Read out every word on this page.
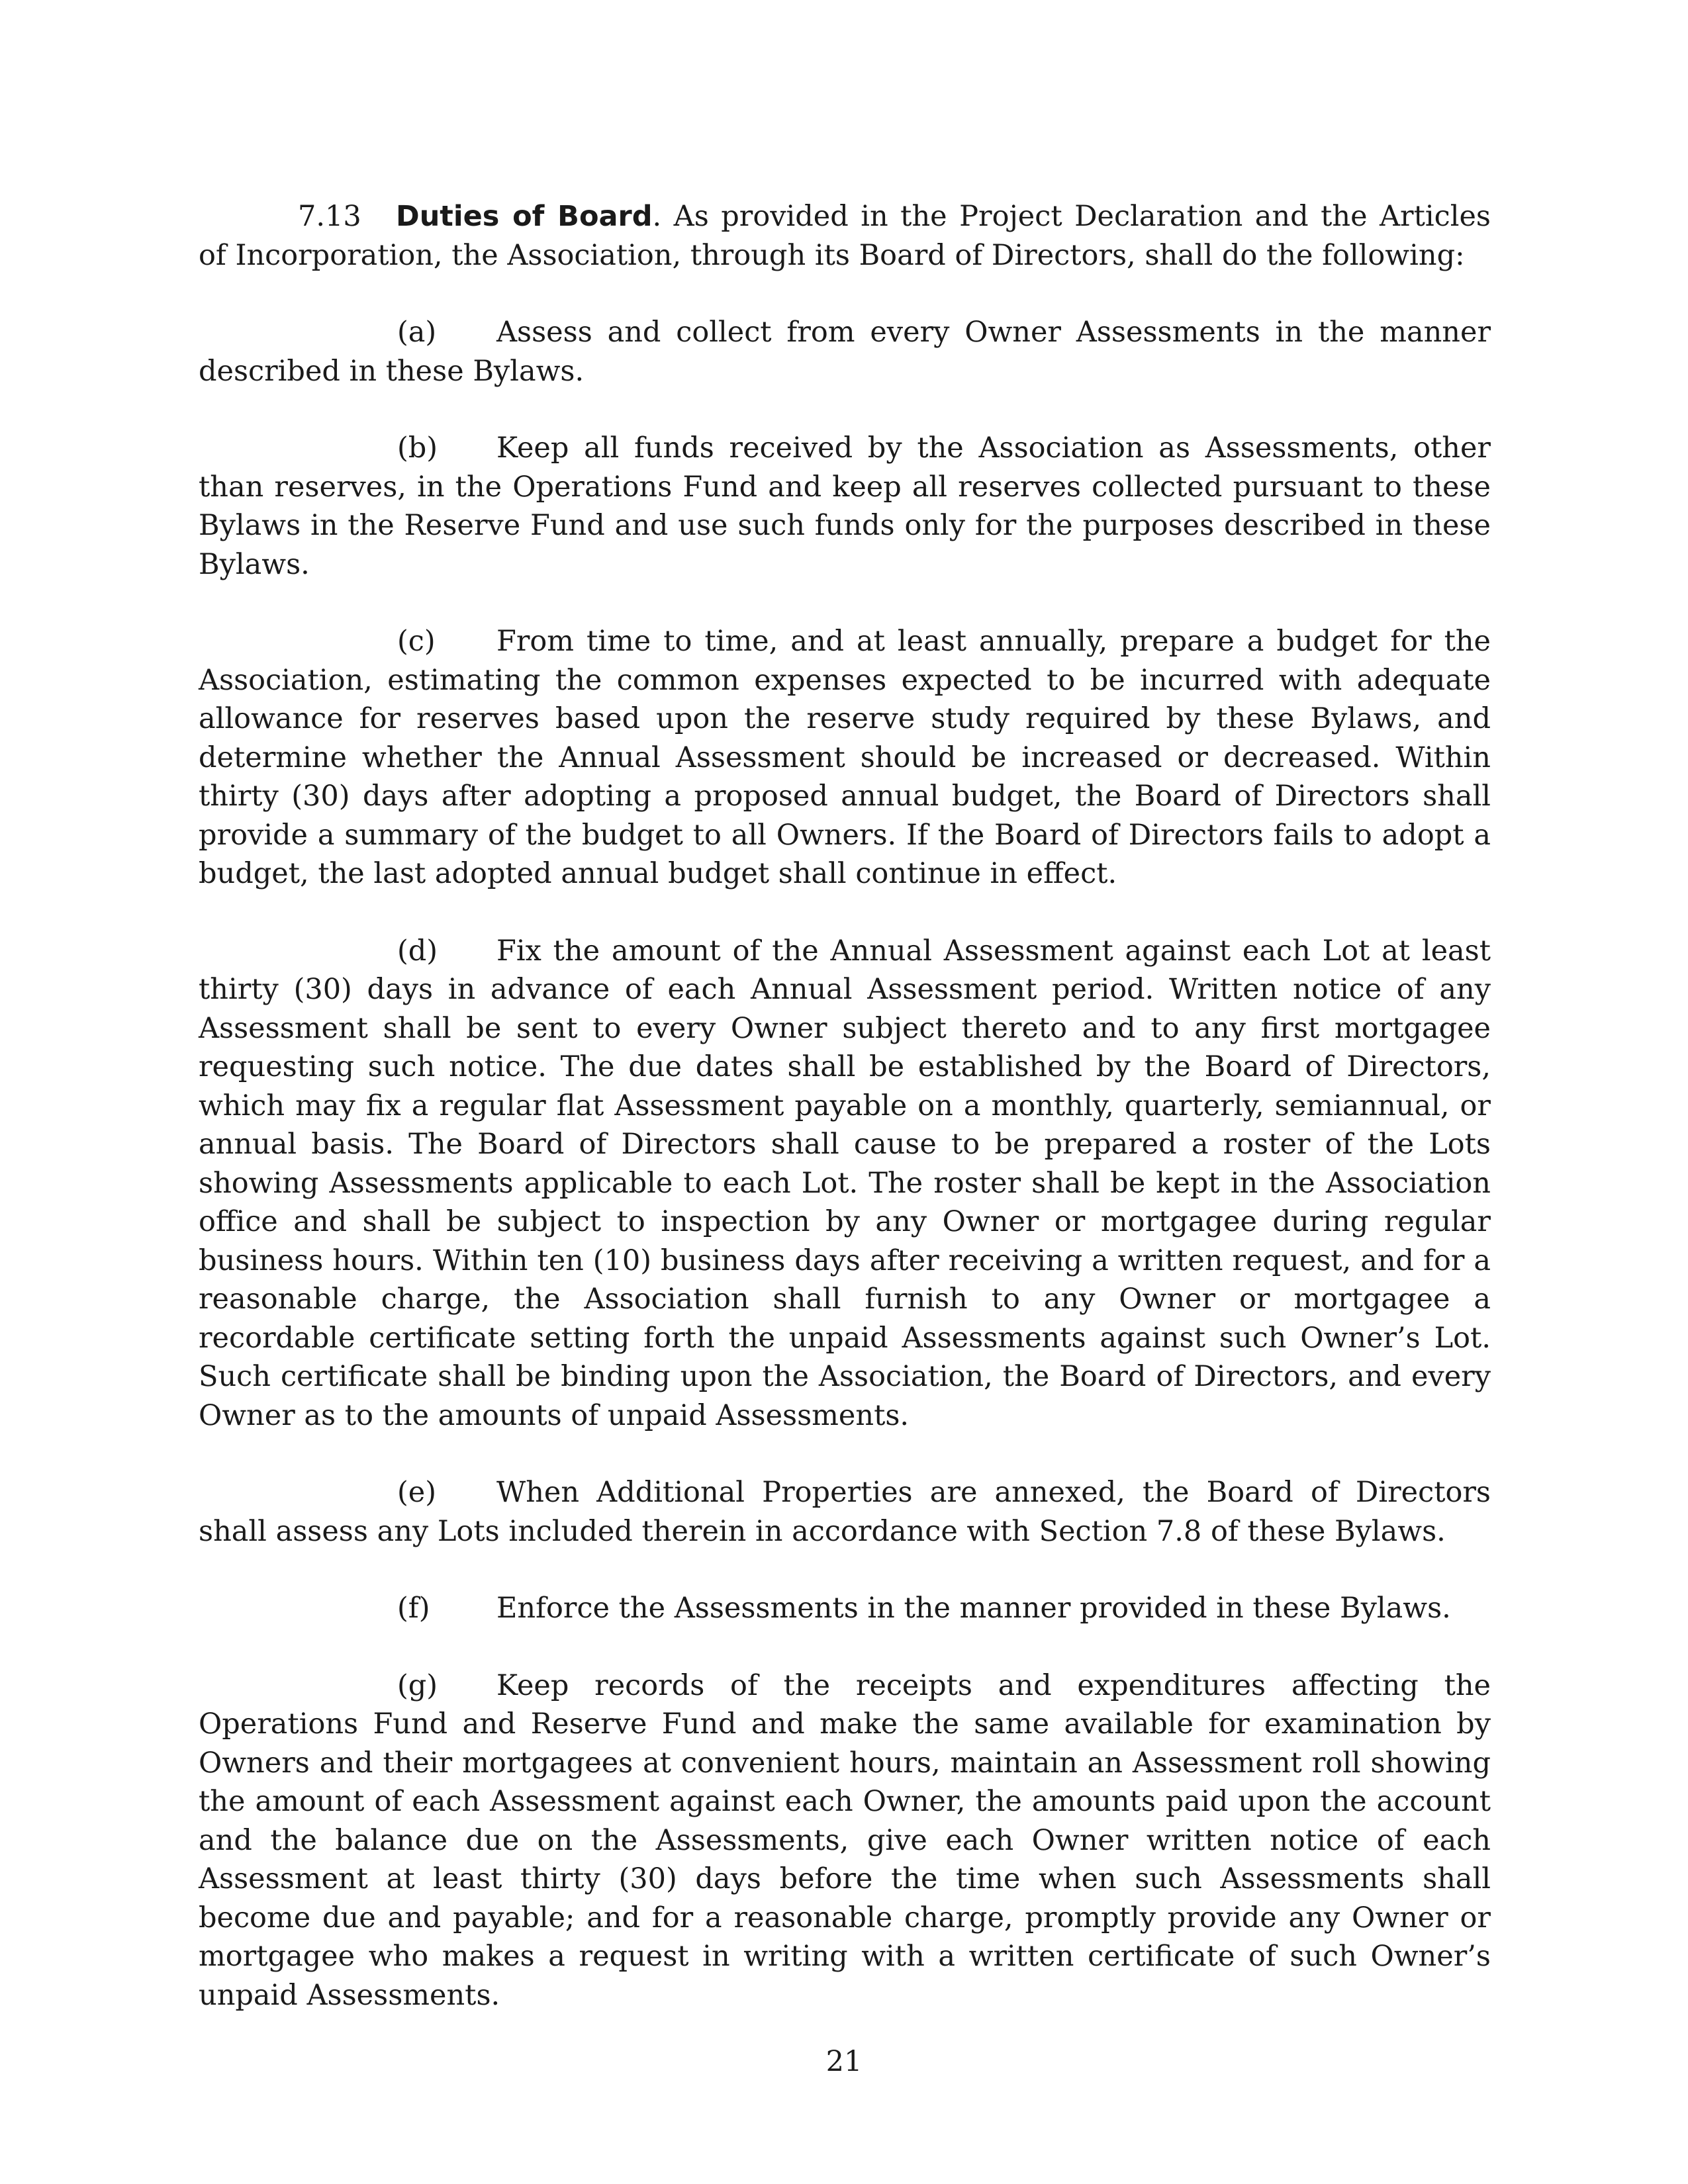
7.13 Duties of Board. As provided in the Project Declaration and the Articles of Incorporation, the Association, through its Board of Directors, shall do the following:

(a) Assess and collect from every Owner Assessments in the manner described in these Bylaws.

(b) Keep all funds received by the Association as Assessments, other than reserves, in the Operations Fund and keep all reserves collected pursuant to these Bylaws in the Reserve Fund and use such funds only for the purposes described in these Bylaws.

(c) From time to time, and at least annually, prepare a budget for the Association, estimating the common expenses expected to be incurred with adequate allowance for reserves based upon the reserve study required by these Bylaws, and determine whether the Annual Assessment should be increased or decreased. Within thirty (30) days after adopting a proposed annual budget, the Board of Directors shall provide a summary of the budget to all Owners. If the Board of Directors fails to adopt a budget, the last adopted annual budget shall continue in effect.

(d) Fix the amount of the Annual Assessment against each Lot at least thirty (30) days in advance of each Annual Assessment period. Written notice of any Assessment shall be sent to every Owner subject thereto and to any first mortgagee requesting such notice. The due dates shall be established by the Board of Directors, which may fix a regular flat Assessment payable on a monthly, quarterly, semiannual, or annual basis. The Board of Directors shall cause to be prepared a roster of the Lots showing Assessments applicable to each Lot. The roster shall be kept in the Association office and shall be subject to inspection by any Owner or mortgagee during regular business hours. Within ten (10) business days after receiving a written request, and for a reasonable charge, the Association shall furnish to any Owner or mortgagee a recordable certificate setting forth the unpaid Assessments against such Owner’s Lot. Such certificate shall be binding upon the Association, the Board of Directors, and every Owner as to the amounts of unpaid Assessments.

(e) When Additional Properties are annexed, the Board of Directors shall assess any Lots included therein in accordance with Section 7.8 of these Bylaws.

(f) Enforce the Assessments in the manner provided in these Bylaws.

(g) Keep records of the receipts and expenditures affecting the Operations Fund and Reserve Fund and make the same available for examination by Owners and their mortgagees at convenient hours, maintain an Assessment roll showing the amount of each Assessment against each Owner, the amounts paid upon the account and the balance due on the Assessments, give each Owner written notice of each Assessment at least thirty (30) days before the time when such Assessments shall become due and payable; and for a reasonable charge, promptly provide any Owner or mortgagee who makes a request in writing with a written certificate of such Owner’s unpaid Assessments.

21
